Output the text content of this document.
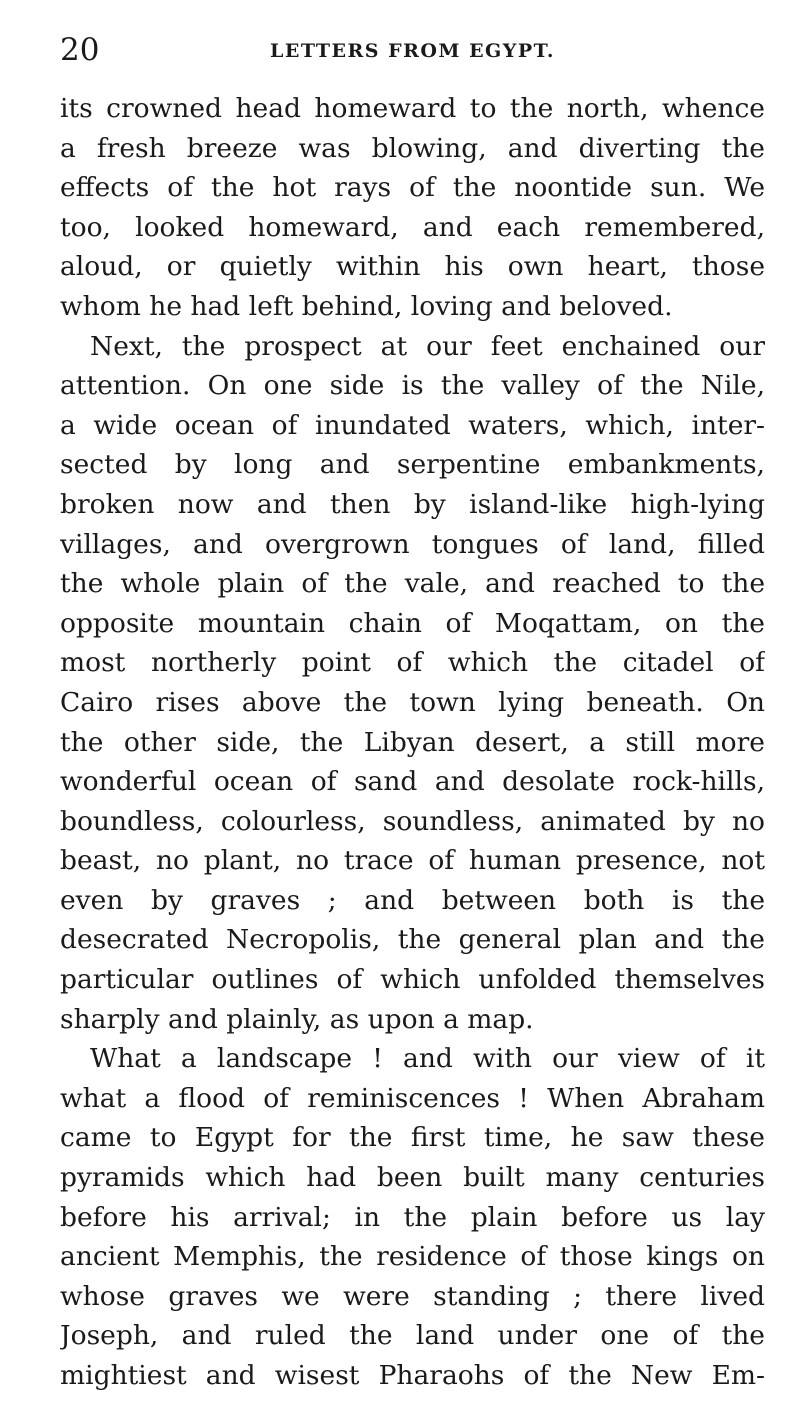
20	LETTERS FROM EGYPT.
its crowned head homeward to the north, whence
a fresh breeze was blowing, and diverting the
effects of the hot rays of the noontide sun. We
too, looked homeward, and each remembered,
aloud, or quietly within his own heart, those
whom he had left behind, loving and beloved.
Next, the prospect at our feet enchained our
attention. On one side is the valley of the Nile,
a wide ocean of inundated waters, which, inter-
sected by long and serpentine embankments,
broken now and then by island-like high-lying
villages, and overgrown tongues of land, filled
the whole plain of the vale, and reached to the
opposite mountain chain of Moqattam, on the
most northerly point of which the citadel of
Cairo rises above the town lying beneath. On
the other side, the Libyan desert, a still more
wonderful ocean of sand and desolate rock-hills,
boundless, colourless, soundless, animated by no
beast, no plant, no trace of human presence, not
even by graves ; and between both is the
desecrated Necropolis, the general plan and the
particular outlines of which unfolded themselves
sharply and plainly, as upon a map.
What a landscape ! and with our view of it
what a flood of reminiscences ! When Abraham
came to Egypt for the first time, he saw these
pyramids which had been built many centuries
before his arrival; in the plain before us lay
ancient Memphis, the residence of those kings on
whose graves we were standing ; there lived
Joseph, and ruled the land under one of the
mightiest and wisest Pharaohs of the New Em-
